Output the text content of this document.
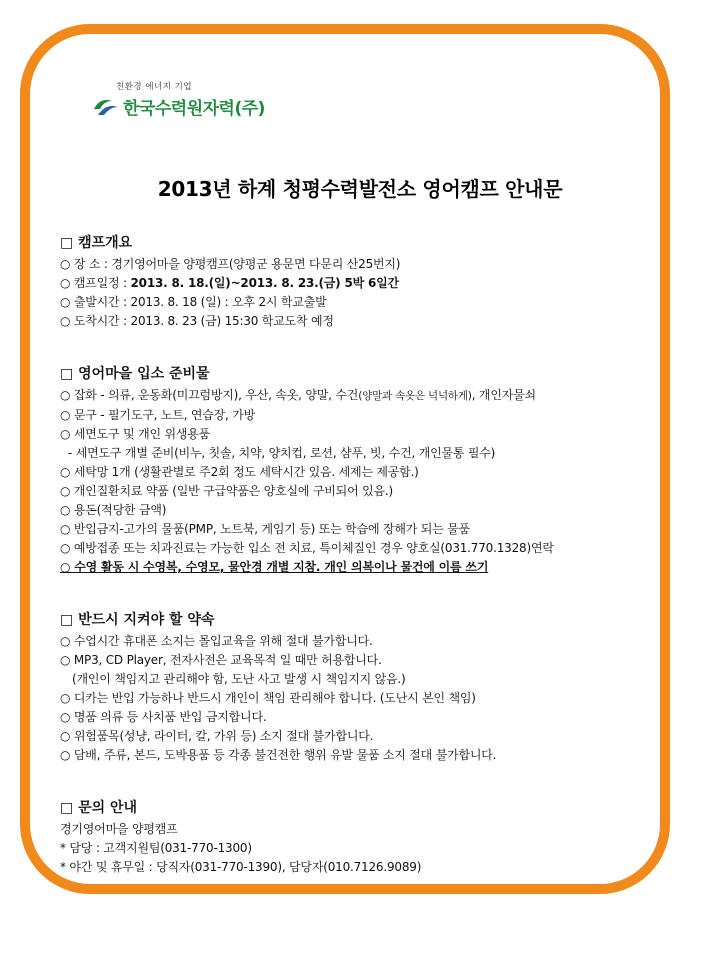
친환경 에너지 기업
한국수력원자력(주)
2013년 하계 청평수력발전소 영어캠프 안내문
□ 캠프개요
○ 장 소 : 경기영어마을 양평캠프(양평군 용문면 다문리 산25번지)
○ 캠프일정 : 2013. 8. 18.(일)~2013. 8. 23.(금) 5박 6일간
○ 출발시간 : 2013. 8. 18 (일) : 오후 2시 학교출발
○ 도착시간 : 2013. 8. 23 (금) 15:30 학교도착 예정
□ 영어마을 입소 준비물
○ 잡화 - 의류, 운동화(미끄럼방지), 우산, 속옷, 양말, 수건(양말과 속옷은 넉넉하게), 개인자물쇠
○ 문구 - 필기도구, 노트, 연습장, 가방
○ 세면도구 및 개인 위생용품
- 세면도구 개별 준비(비누, 칫솔, 치약, 양치컵, 로션, 샴푸, 빗, 수건, 개인물통 필수)
○ 세탁망 1개 (생활관별로 주2회 정도 세탁시간 있음. 세제는 제공함.)
○ 개인질환치료 약품 (일반 구급약품은 양호실에 구비되어 있음.)
○ 용돈(적당한 금액)
○ 반입금지-고가의 물품(PMP, 노트북, 게임기 등) 또는 학습에 장해가 되는 물품
○ 예방접종 또는 치과진료는 가능한 입소 전 치료, 특이체질인 경우 양호실(031.770.1328)연락
○ 수영 활동 시 수영복, 수영모, 물안경 개별 지참. 개인 의복이나 물건에 이름 쓰기
□ 반드시 지켜야 할 약속
○ 수업시간 휴대폰 소지는 몰입교육을 위해 절대 불가합니다.
○ MP3, CD Player, 전자사전은 교육목적 일 때만 허용합니다.
(개인이 책임지고 관리해야 함, 도난 사고 발생 시 책임지지 않음.)
○ 디카는 반입 가능하나 반드시 개인이 책임 관리해야 합니다. (도난시 본인 책임)
○ 명품 의류 등 사치품 반입 금지합니다.
○ 위험품목(성냥, 라이터, 칼, 가위 등) 소지 절대 불가합니다.
○ 담배, 주류, 본드, 도박용품 등 각종 불건전한 행위 유발 물품 소지 절대 불가합니다.
□ 문의 안내
경기영어마을 양평캠프
* 담당 : 고객지원팀(031-770-1300)
* 야간 및 휴무일 : 당직자(031-770-1390), 담당자(010.7126.9089)
